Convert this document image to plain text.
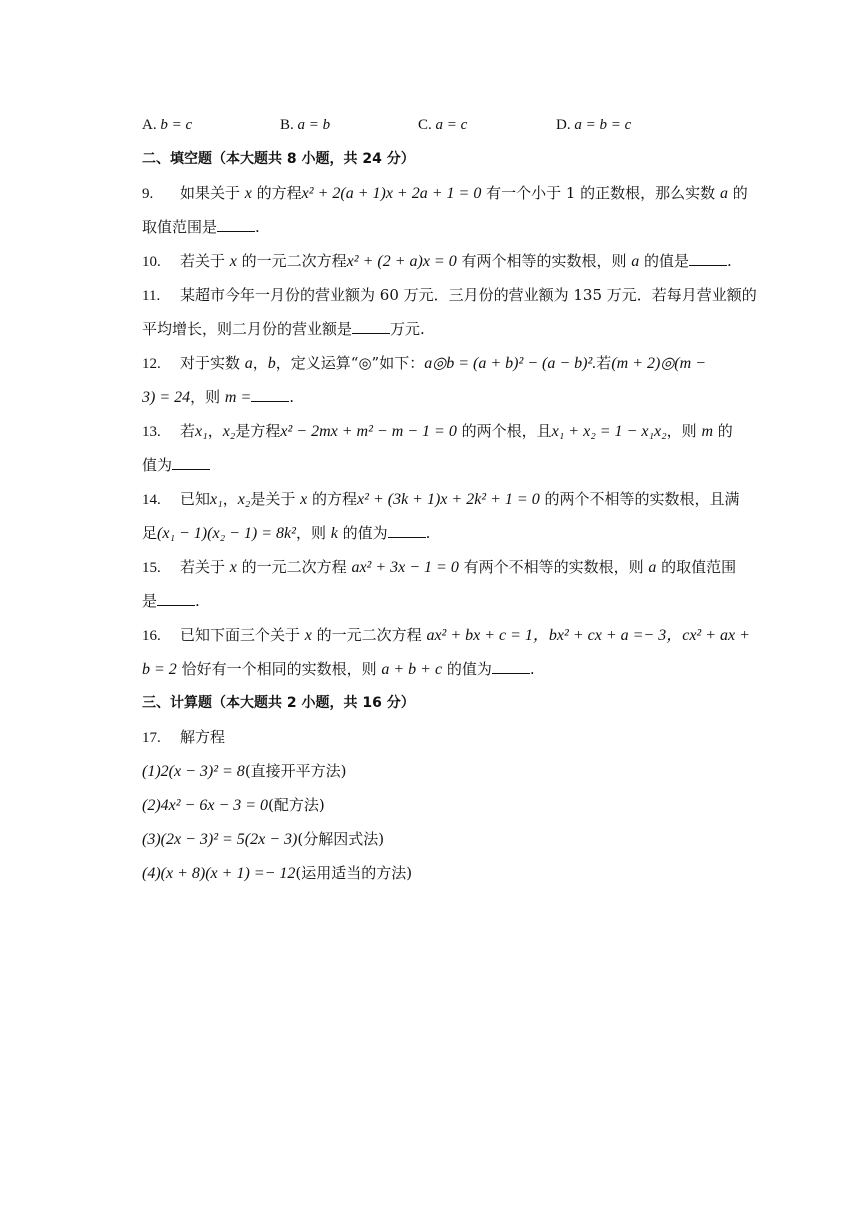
A. b = c	B. a = b	C. a = c	D. a = b = c
二、填空题（本大题共 8 小题，共 24 分）
9. 如果关于 x 的方程x² + 2(a + 1)x + 2a + 1 = 0 有一个小于 1 的正数根，那么实数 a 的
取值范围是	.
10. 若关于 x 的一元二次方程x² + (2 + a)x = 0 有两个相等的实数根，则 a 的值是	.
11. 某超市今年一月份的营业额为 60 万元．三月份的营业额为 135 万元．若每月营业额的
平均增长，则二月份的营业额是	万元.
12. 对于实数 a，b，定义运算“◎”如下：a◎b = (a + b)² − (a − b)².若(m + 2)◎(m −
3) = 24，则 m =	.
13. 若x₁，x₂是方程x² − 2mx + m² − m − 1 = 0 的两个根，且x₁ + x₂ = 1 − x₁x₂，则 m 的
值为
14. 已知x₁，x₂是关于 x 的方程x² + (3k + 1)x + 2k² + 1 = 0 的两个不相等的实数根，且满
足(x₁ − 1)(x₂ − 1) = 8k²，则 k 的值为	.
15. 若关于 x 的一元二次方程 ax² + 3x − 1 = 0 有两个不相等的实数根，则 a 的取值范围
是	.
16. 已知下面三个关于 x 的一元二次方程 ax² + bx + c = 1，bx² + cx + a =− 3，cx² + ax +
b = 2 恰好有一个相同的实数根，则 a + b + c 的值为	.
三、计算题（本大题共 2 小题，共 16 分）
17. 解方程
(1)2(x − 3)² = 8(直接开平方法)
(2)4x² − 6x − 3 = 0(配方法)
(3)(2x − 3)² = 5(2x − 3)(分解因式法)
(4)(x + 8)(x + 1) =− 12(运用适当的方法)
